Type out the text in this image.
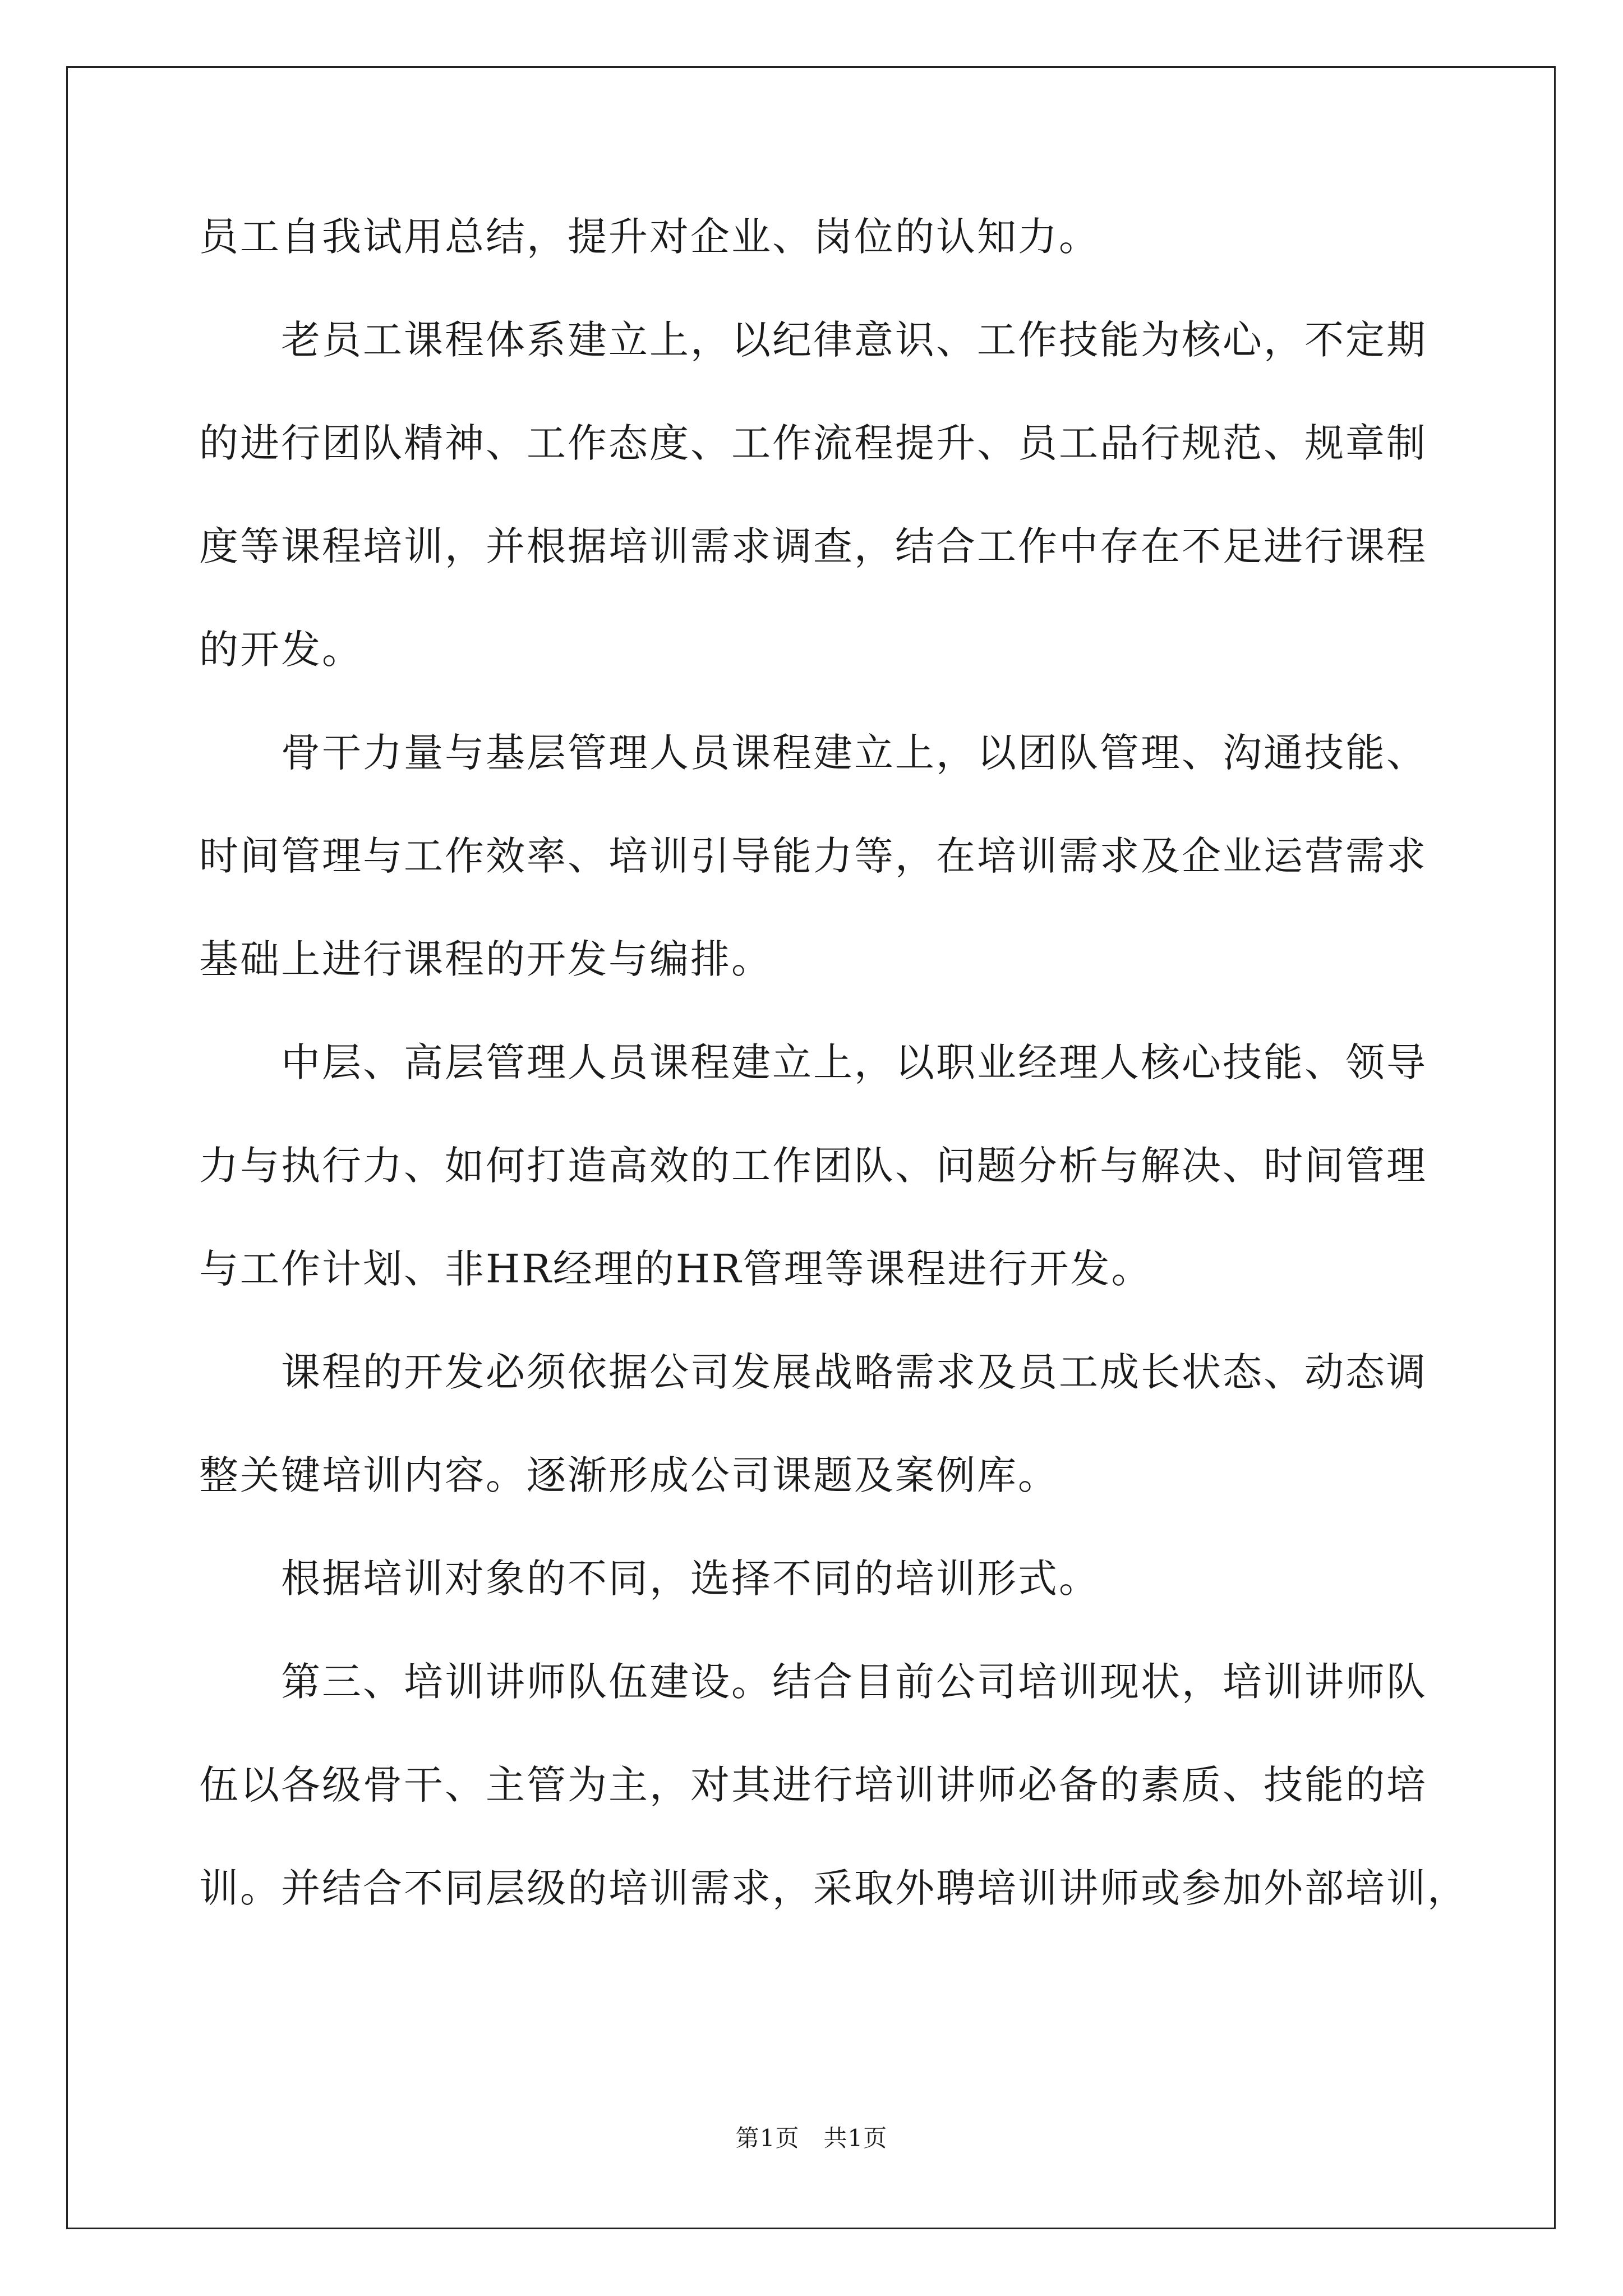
员工自我试用总结，提升对企业、岗位的认知力。
　　老员工课程体系建立上，以纪律意识、工作技能为核心，不定期
的进行团队精神、工作态度、工作流程提升、员工品行规范、规章制
度等课程培训，并根据培训需求调查，结合工作中存在不足进行课程
的开发。
　　骨干力量与基层管理人员课程建立上，以团队管理、沟通技能、
时间管理与工作效率、培训引导能力等，在培训需求及企业运营需求
基础上进行课程的开发与编排。
　　中层、高层管理人员课程建立上，以职业经理人核心技能、领导
力与执行力、如何打造高效的工作团队、问题分析与解决、时间管理
与工作计划、非HR经理的HR管理等课程进行开发。
　　课程的开发必须依据公司发展战略需求及员工成长状态、动态调
整关键培训内容。逐渐形成公司课题及案例库。
　　根据培训对象的不同，选择不同的培训形式。
　　第三、培训讲师队伍建设。结合目前公司培训现状，培训讲师队
伍以各级骨干、主管为主，对其进行培训讲师必备的素质、技能的培
训。并结合不同层级的培训需求，采取外聘培训讲师或参加外部培训，
第1页　共1页
